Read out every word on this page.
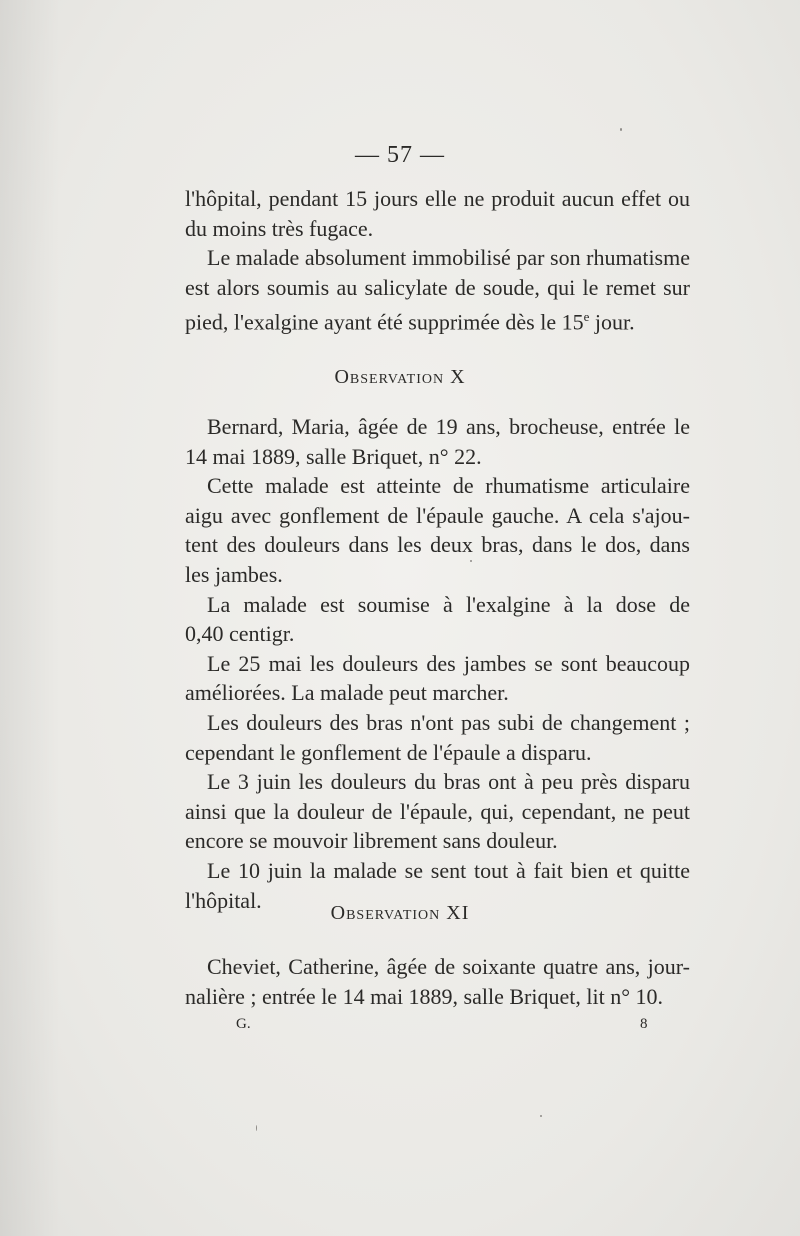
— 57 —
l'hôpital, pendant 15 jours elle ne produit aucun effet ou
du moins très fugace.
Le malade absolument immobilisé par son rhumatisme
est alors soumis au salicylate de soude, qui le remet sur
pied, l'exalgine ayant été supprimée dès le 15e jour.
Observation X
Bernard, Maria, âgée de 19 ans, brocheuse, entrée le
14 mai 1889, salle Briquet, n° 22.
Cette malade est atteinte de rhumatisme articulaire
aigu avec gonflement de l'épaule gauche. A cela s'ajou-
tent des douleurs dans les deux bras, dans le dos, dans
les jambes.
La malade est soumise à l'exalgine à la dose de
0,40 centigr.
Le 25 mai les douleurs des jambes se sont beaucoup
améliorées. La malade peut marcher.
Les douleurs des bras n'ont pas subi de changement ;
cependant le gonflement de l'épaule a disparu.
Le 3 juin les douleurs du bras ont à peu près disparu
ainsi que la douleur de l'épaule, qui, cependant, ne peut
encore se mouvoir librement sans douleur.
Le 10 juin la malade se sent tout à fait bien et quitte
l'hôpital.
Observation XI
Cheviet, Catherine, âgée de soixante quatre ans, jour-
nalière ; entrée le 14 mai 1889, salle Briquet, lit n° 10.
G.	8
